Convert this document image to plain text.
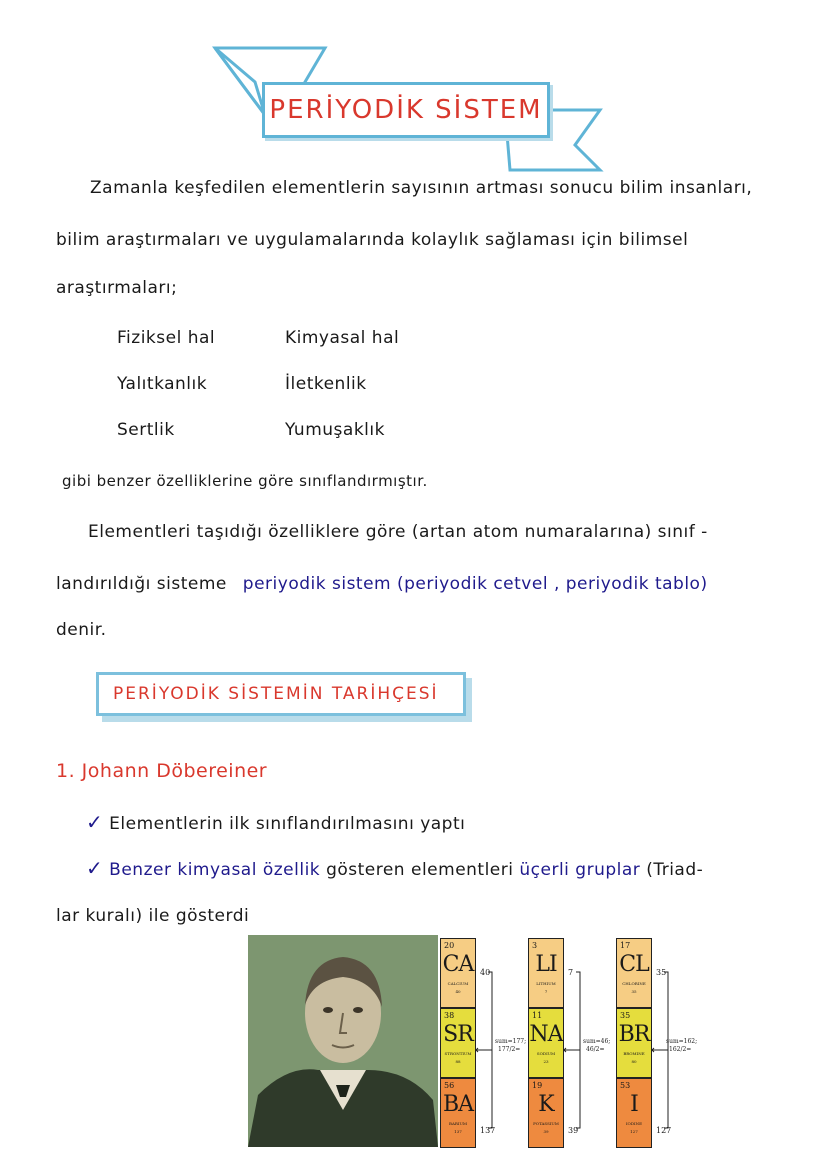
PERİYODİK SİSTEM
Zamanla keşfedilen elementlerin sayısının artması sonucu bilim insanları,
bilim araştırmaları ve uygulamalarında kolaylık sağlaması için bilimsel
araştırmaları;
Fiziksel hal	Kimyasal hal
Yalıtkanlık	İletkenlik
Sertlik	Yumuşaklık
gibi benzer özelliklerine göre sınıflandırmıştır.
Elementleri taşıdığı özelliklere göre (artan atom numaralarına) sınıf -
landırıldığı sisteme periyodik sistem (periyodik cetvel , periyodik tablo)
denir.
PERİYODİK SİSTEMİN TARİHÇESİ
1. Johann Döbereiner
✓ Elementlerin ilk sınıflandırılmasını yaptı
✓ Benzer kimyasal özellik gösteren elementleri üçerli gruplar (Triad-
lar kuralı) ile gösterdi
20
CA
CALCIUM
40
38
SR
STRONTIUM
88
56
BA
BARIUM
137
40
137
sum=177;
177/2=
3
LI
LITHIUM
7
11
NA
SODIUM
23
19
K
POTASSIUM
39
7
39
sum=46;
46/2=
17
CL
CHLORINE
35
35
BR
BROMINE
80
53
I
IODINE
127
35
127
sum=162;
162/2=
